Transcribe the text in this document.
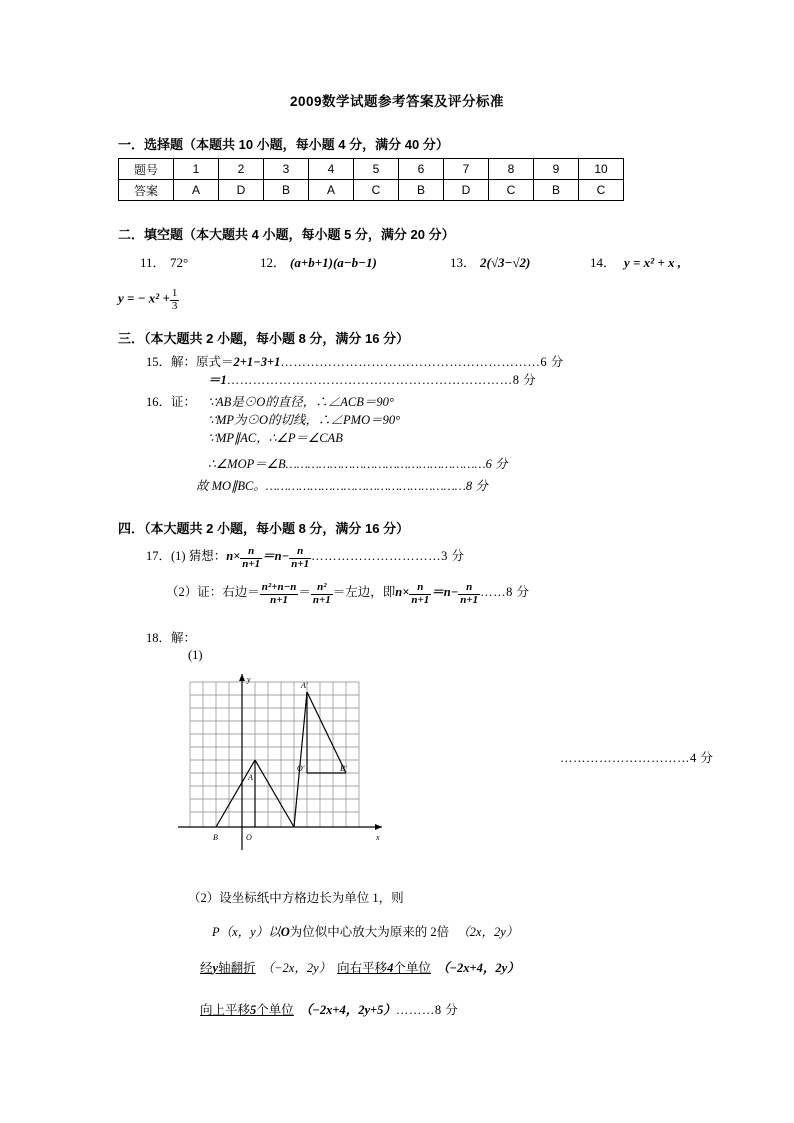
2009数学试题参考答案及评分标准
一．选择题（本题共 10 小题，每小题 4 分，满分 40 分）
题号	1	2	3	4	5	6	7	8	9	10
答案	A	D	B	A	C	B	D	C	B	C
二．填空题（本大题共 4 小题，每小题 5 分，满分 20 分）
11． 72°	12． (a+b+1)(a−b−1)	13． 2(√3−√2)	14． y = x² + x ,
y = − $x^2 + \frac{1}{3}$
三．（本大题共 2 小题，每小题 8 分，满分 16 分）
15．解：原式＝2+1−3+1……………………………………………………6 分
＝1…………………………………………………………8 分
16．证： ∵AB是⊙O的直径，∴∠ACB＝90°
∵MP为⊙O的切线，∴∠PMO＝90°
∵MP∥AC，∴∠P＝∠CAB
∴∠MOP＝∠B………………………………………………6 分
故 MO∥BC。………………………………………………8 分
四．（本大题共 2 小题，每小题 8 分，满分 16 分）
17．(1) 猜想：$n\times \frac{n}{n+1} =n- \frac{n}{n+1}$ …………………………3 分
（2）证：右边＝ $\frac{\text{n²+n−n}}{n+1} = \frac{\text{n²}}{n+1}$ ＝左边，即$n\times \frac{n}{n+1} =n- \frac{n}{n+1}$ ……8 分
18．解：
(1)
x
y
A′
O′	B′
A
B	O
…………………………4 分
（2）设坐标纸中方格边长为单位 1，则
P（x，y）以O为位似中心放大为原来的 2倍 （2x，2y）
经y轴翻折 （−2x，2y） 向右平移4个单位 （−2x+4，2y）
向上平移5个单位 （−2x+4，2y+5）………8 分
